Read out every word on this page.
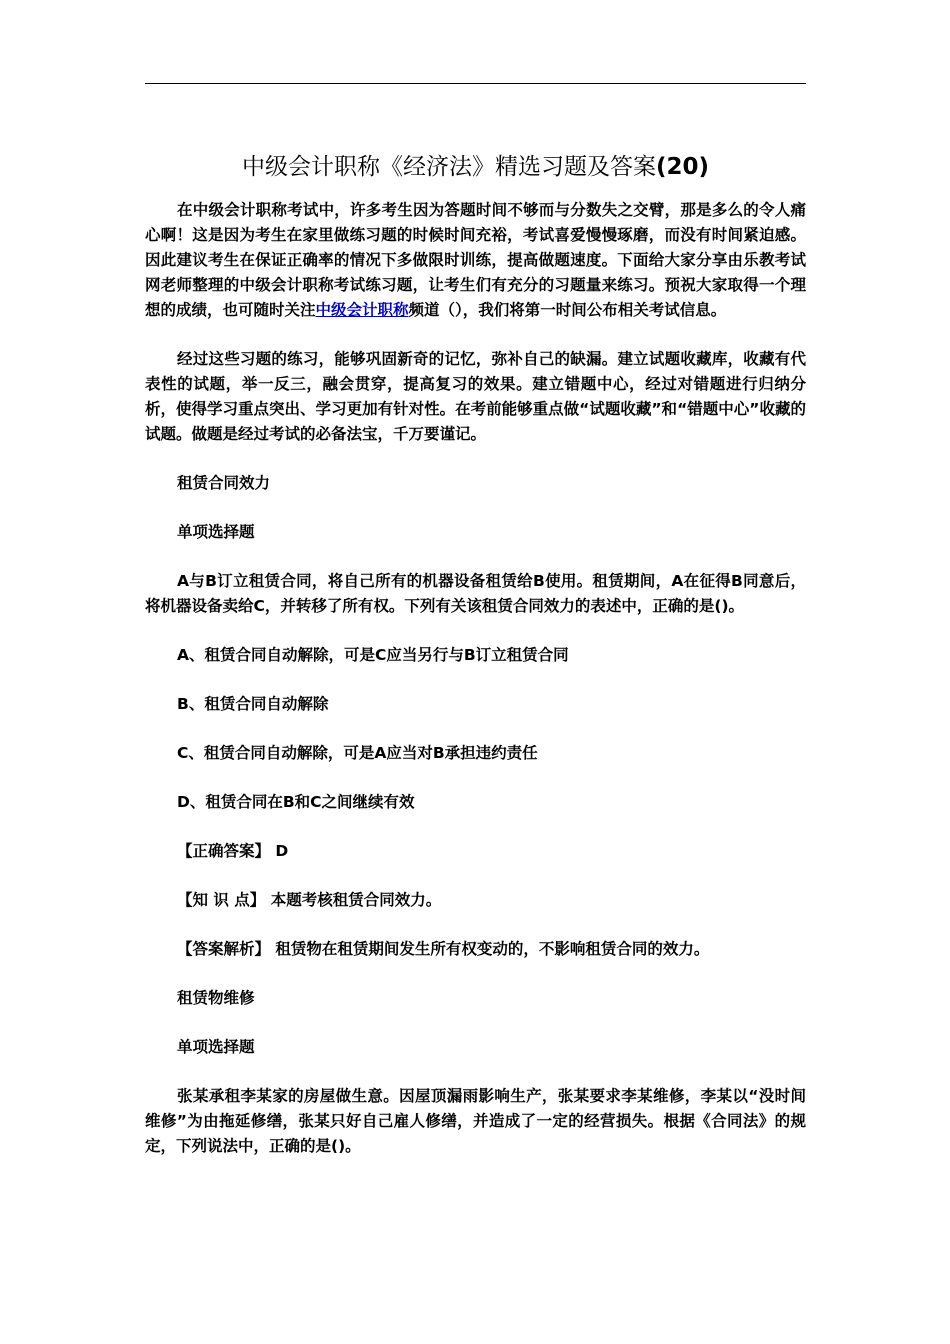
中级会计职称《经济法》精选习题及答案(20)

在中级会计职称考试中，许多考生因为答题时间不够而与分数失之交臂，那是多么的令人痛心啊！这是因为考生在家里做练习题的时候时间充裕，考试喜爱慢慢琢磨，而没有时间紧迫感。因此建议考生在保证正确率的情况下多做限时训练，提高做题速度。下面给大家分享由乐教考试网老师整理的中级会计职称考试练习题，让考生们有充分的习题量来练习。预祝大家取得一个理想的成绩，也可随时关注中级会计职称频道（），我们将第一时间公布相关考试信息。

经过这些习题的练习，能够巩固新奇的记忆，弥补自己的缺漏。建立试题收藏库，收藏有代表性的试题，举一反三，融会贯穿，提高复习的效果。建立错题中心，经过对错题进行归纳分析，使得学习重点突出、学习更加有针对性。在考前能够重点做“试题收藏”和“错题中心”收藏的试题。做题是经过考试的必备法宝，千万要谨记。

租赁合同效力

单项选择题

A与B订立租赁合同，将自己所有的机器设备租赁给B使用。租赁期间，A在征得B同意后，将机器设备卖给C，并转移了所有权。下列有关该租赁合同效力的表述中，正确的是()。

A、租赁合同自动解除，可是C应当另行与B订立租赁合同

B、租赁合同自动解除

C、租赁合同自动解除，可是A应当对B承担违约责任

D、租赁合同在B和C之间继续有效

【正确答案】 D

【知 识 点】 本题考核租赁合同效力。

【答案解析】 租赁物在租赁期间发生所有权变动的，不影响租赁合同的效力。

租赁物维修

单项选择题

张某承租李某家的房屋做生意。因屋顶漏雨影响生产，张某要求李某维修，李某以“没时间维修”为由拖延修缮，张某只好自己雇人修缮，并造成了一定的经营损失。根据《合同法》的规定，下列说法中，正确的是()。
